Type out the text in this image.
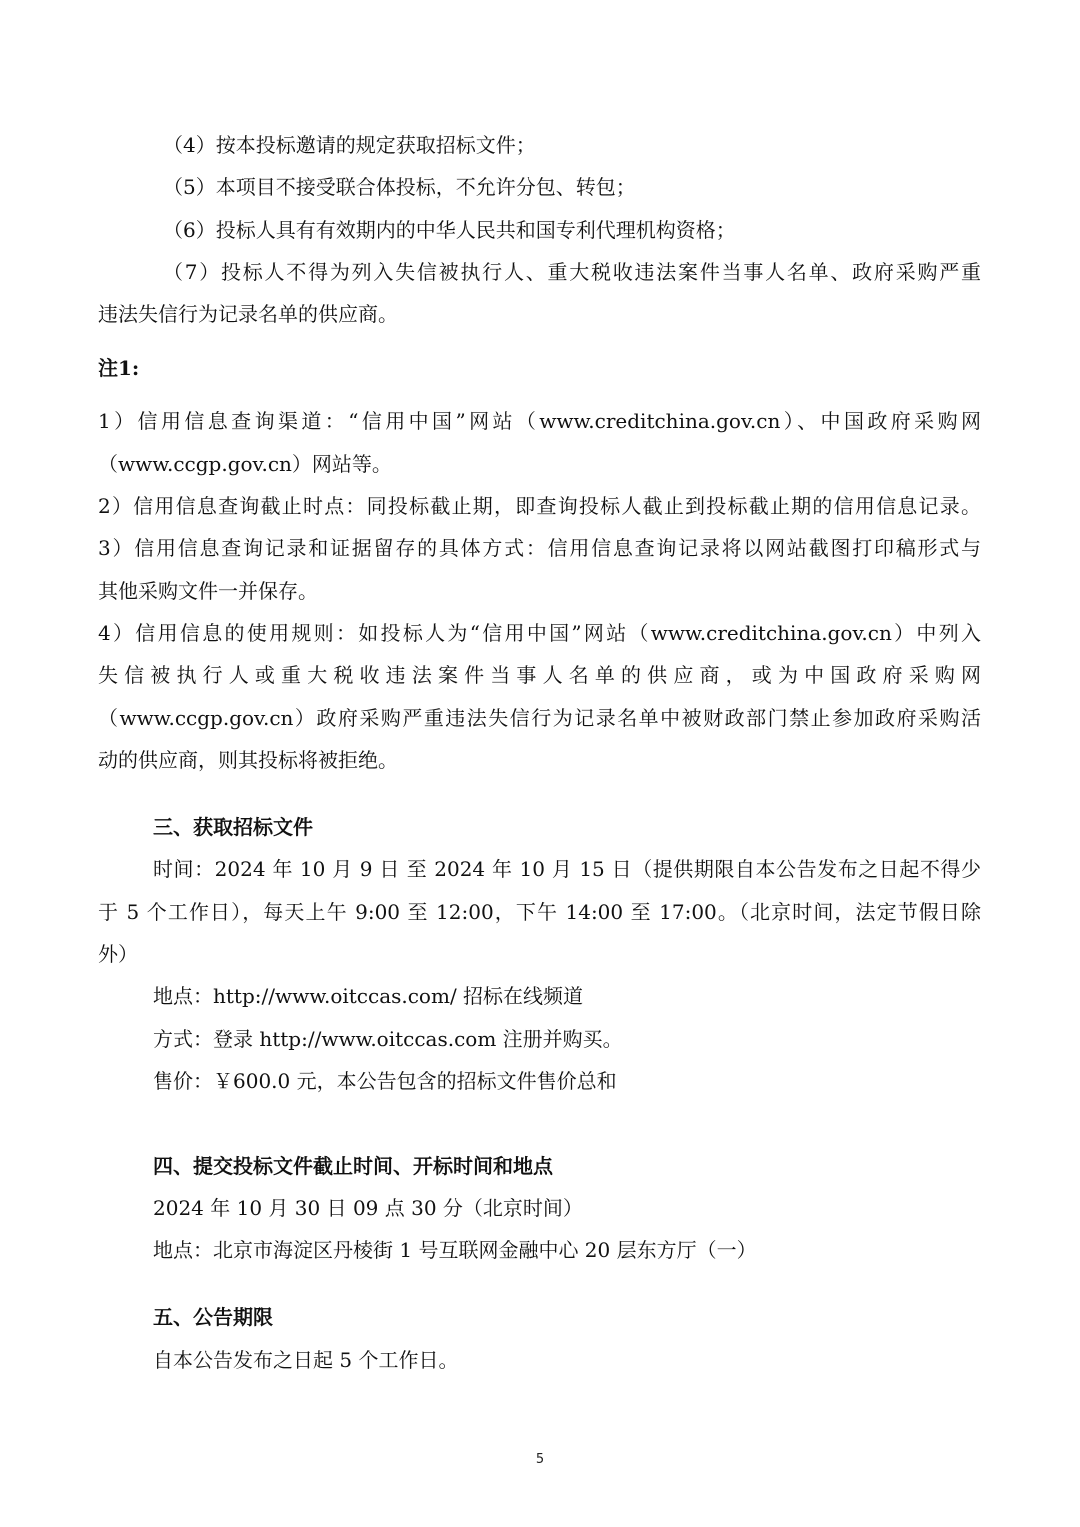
（4）按本投标邀请的规定获取招标文件；
（5）本项目不接受联合体投标，不允许分包、转包；
（6）投标人具有有效期内的中华人民共和国专利代理机构资格；
（7）投标人不得为列入失信被执行人、重大税收违法案件当事人名单、政府采购严重
违法失信行为记录名单的供应商。
注1:
1）信用信息查询渠道：“信用中国”网站（www.creditchina.gov.cn）、中国政府采购网
（www.ccgp.gov.cn）网站等。
2）信用信息查询截止时点：同投标截止期，即查询投标人截止到投标截止期的信用信息记录。
3）信用信息查询记录和证据留存的具体方式：信用信息查询记录将以网站截图打印稿形式与
其他采购文件一并保存。
4）信用信息的使用规则：如投标人为“信用中国”网站（www.creditchina.gov.cn）中列入
失信被执行人或重大税收违法案件当事人名单的供应商，或为中国政府采购网
（www.ccgp.gov.cn）政府采购严重违法失信行为记录名单中被财政部门禁止参加政府采购活
动的供应商，则其投标将被拒绝。
三、获取招标文件
时间：2024 年 10 月 9 日 至 2024 年 10 月 15 日（提供期限自本公告发布之日起不得少
于 5 个工作日），每天上午 9:00 至 12:00，下午 14:00 至 17:00。（北京时间，法定节假日除
外）
地点：http://www.oitccas.com/ 招标在线频道
方式：登录 http://www.oitccas.com 注册并购买。
售价：￥600.0 元，本公告包含的招标文件售价总和
四、提交投标文件截止时间、开标时间和地点
2024 年 10 月 30 日 09 点 30 分（北京时间）
地点：北京市海淀区丹棱街 1 号互联网金融中心 20 层东方厅（一）
五、公告期限
自本公告发布之日起 5 个工作日。
5
